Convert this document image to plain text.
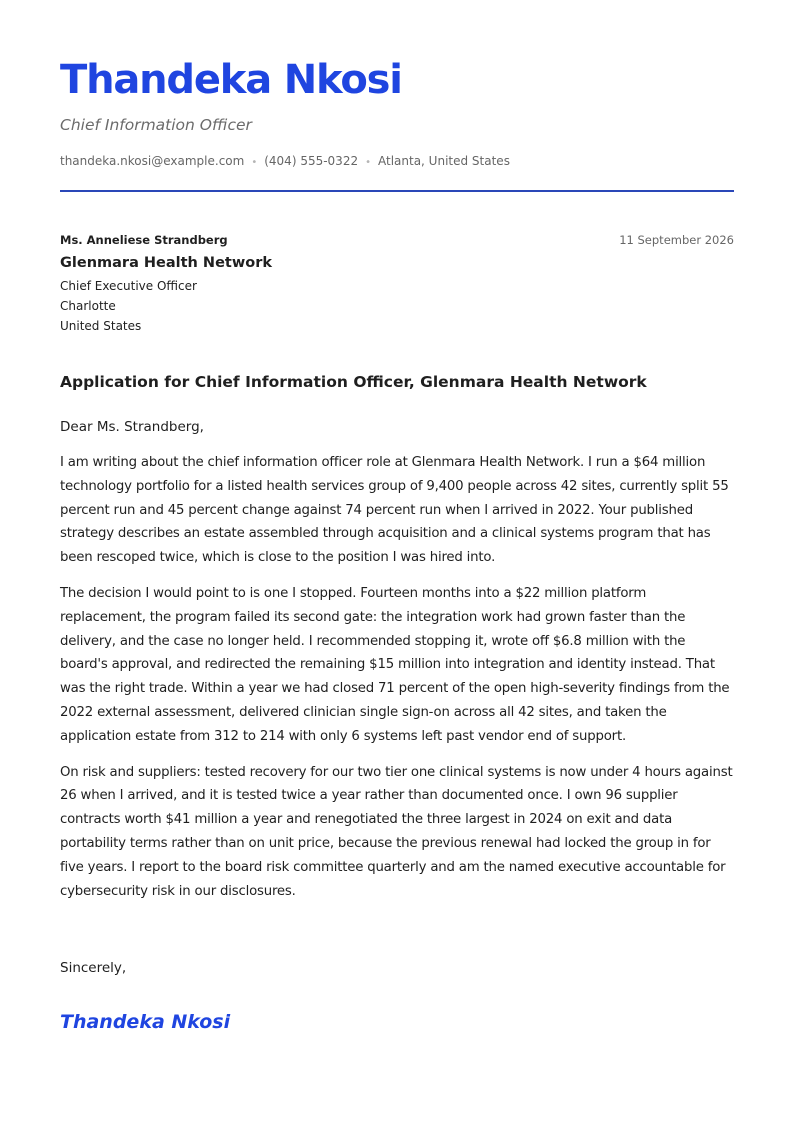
Thandeka Nkosi
Chief Information Officer
thandeka.nkosi@example.com • (404) 555-0322 • Atlanta, United States
Ms. Anneliese Strandberg	11 September 2026
Glenmara Health Network
Chief Executive Officer
Charlotte
United States
Application for Chief Information Officer, Glenmara Health Network
Dear Ms. Strandberg,

I am writing about the chief information officer role at Glenmara Health Network. I run a $64 million technology portfolio for a listed health services group of 9,400 people across 42 sites, currently split 55 percent run and 45 percent change against 74 percent run when I arrived in 2022. Your published strategy describes an estate assembled through acquisition and a clinical systems program that has been rescoped twice, which is close to the position I was hired into.

The decision I would point to is one I stopped. Fourteen months into a $22 million platform replacement, the program failed its second gate: the integration work had grown faster than the delivery, and the case no longer held. I recommended stopping it, wrote off $6.8 million with the board's approval, and redirected the remaining $15 million into integration and identity instead. That was the right trade. Within a year we had closed 71 percent of the open high-severity findings from the 2022 external assessment, delivered clinician single sign-on across all 42 sites, and taken the application estate from 312 to 214 with only 6 systems left past vendor end of support.

On risk and suppliers: tested recovery for our two tier one clinical systems is now under 4 hours against 26 when I arrived, and it is tested twice a year rather than documented once. I own 96 supplier contracts worth $41 million a year and renegotiated the three largest in 2024 on exit and data portability terms rather than on unit price, because the previous renewal had locked the group in for five years. I report to the board risk committee quarterly and am the named executive accountable for cybersecurity risk in our disclosures.

Sincerely,
Thandeka Nkosi
